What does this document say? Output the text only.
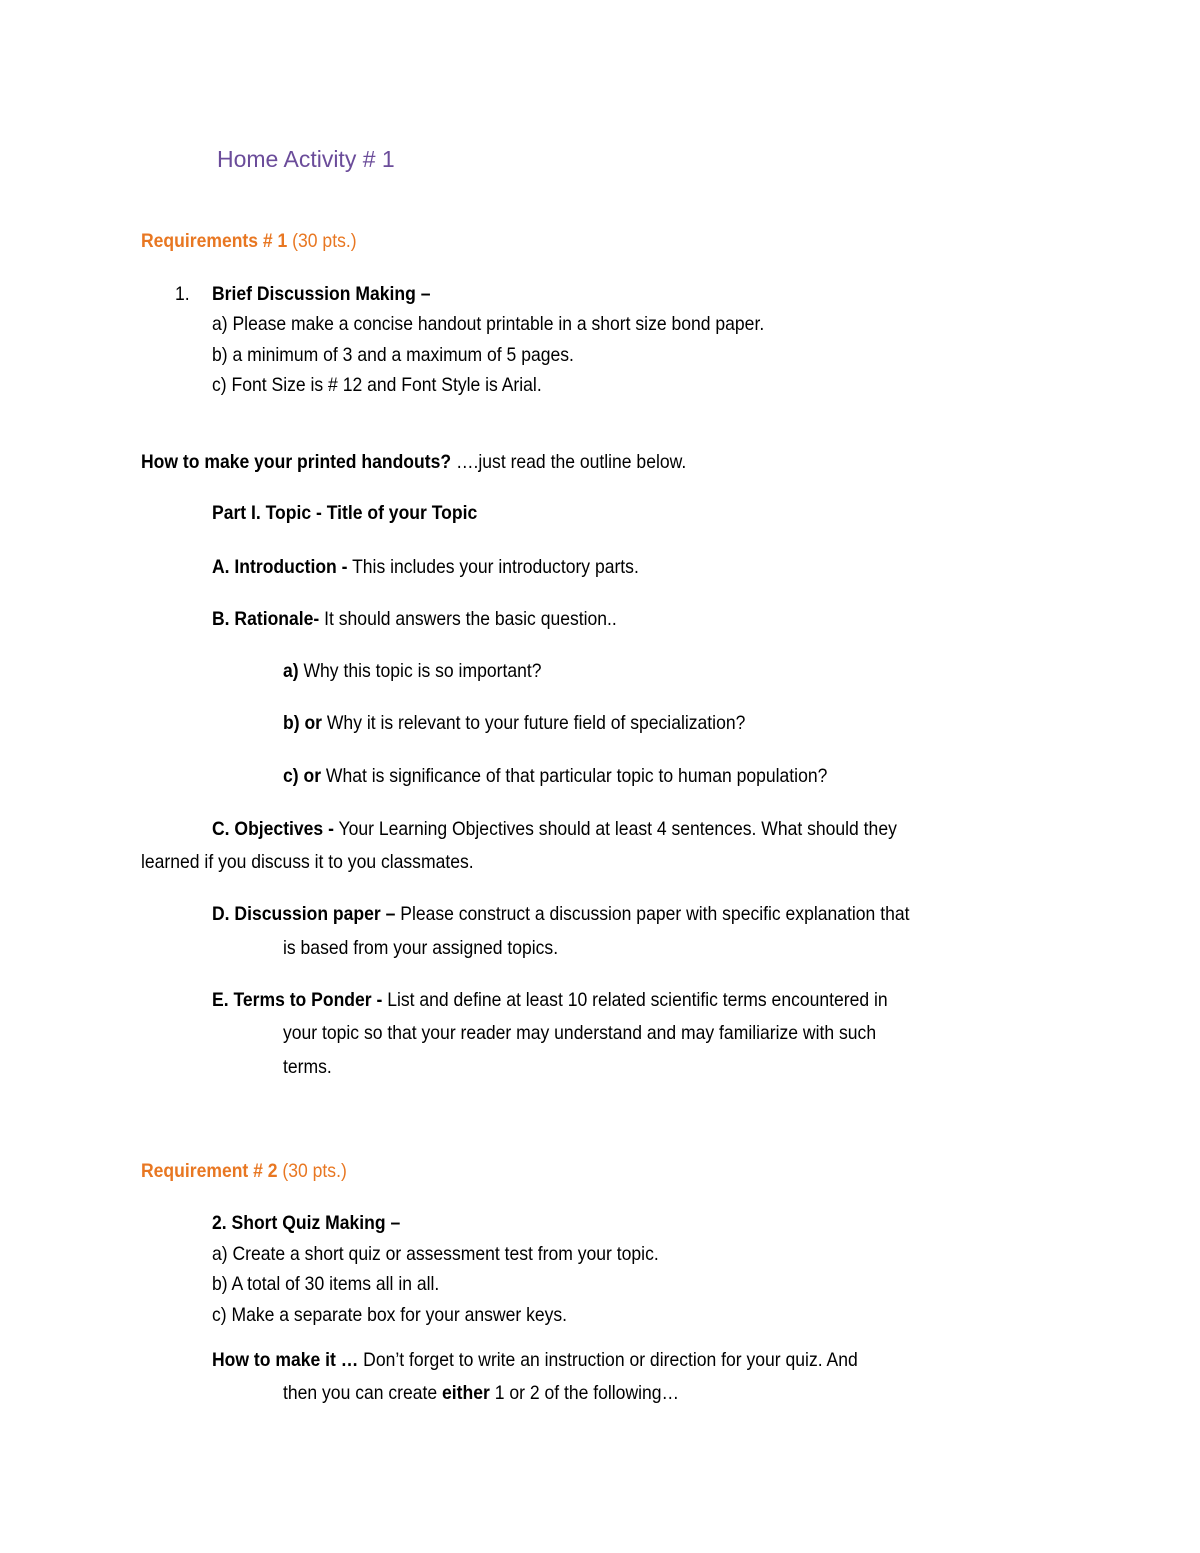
Home Activity # 1
Requirements # 1 (30 pts.)
1. Brief Discussion Making –
a) Please make a concise handout printable in a short size bond paper.
b) a minimum of 3 and a maximum of 5 pages.
c) Font Size is # 12 and Font Style is Arial.
How to make your printed handouts? ….just read the outline below.
Part I. Topic - Title of your Topic
A. Introduction - This includes your introductory parts.
B. Rationale- It should answers the basic question..
a) Why this topic is so important?
b) or Why it is relevant to your future field of specialization?
c) or What is significance of that particular topic to human population?
C. Objectives - Your Learning Objectives should at least 4 sentences. What should they
learned if you discuss it to you classmates.
D. Discussion paper – Please construct a discussion paper with specific explanation that
is based from your assigned topics.
E. Terms to Ponder - List and define at least 10 related scientific terms encountered in
your topic so that your reader may understand and may familiarize with such
terms.
Requirement # 2 (30 pts.)
2. Short Quiz Making –
a) Create a short quiz or assessment test from your topic.
b) A total of 30 items all in all.
c) Make a separate box for your answer keys.
How to make it … Don’t forget to write an instruction or direction for your quiz. And
then you can create either 1 or 2 of the following…
